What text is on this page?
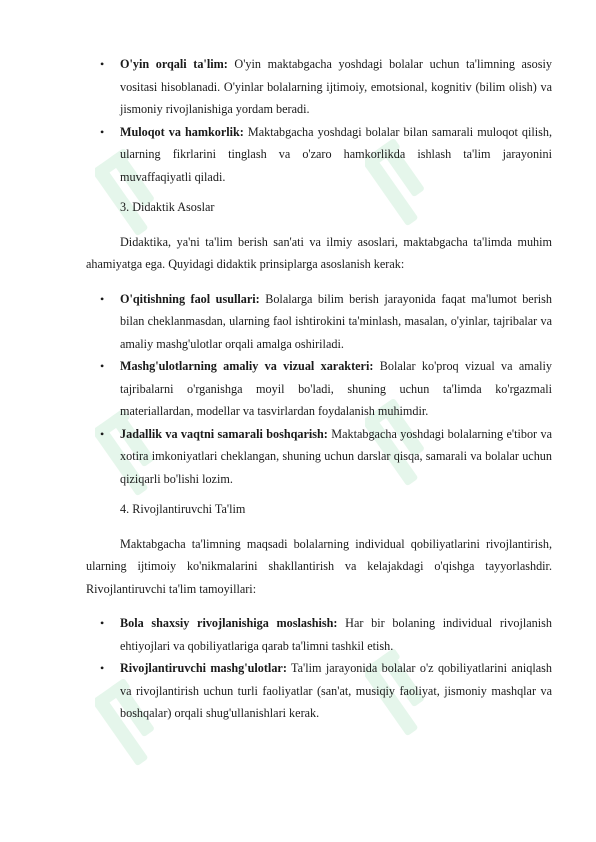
• O'yin orqali ta'lim: O'yin maktabgacha yoshdagi bolalar uchun ta'limning asosiy vositasi hisoblanadi. O'yinlar bolalarning ijtimoiy, emotsional, kognitiv (bilim olish) va jismoniy rivojlanishiga yordam beradi.
• Muloqot va hamkorlik: Maktabgacha yoshdagi bolalar bilan samarali muloqot qilish, ularning fikrlarini tinglash va o'zaro hamkorlikda ishlash ta'lim jarayonini muvaffaqiyatli qiladi.

3. Didaktik Asoslar

Didaktika, ya'ni ta'lim berish san'ati va ilmiy asoslari, maktabgacha ta'limda muhim ahamiyatga ega. Quyidagi didaktik prinsiplarga asoslanish kerak:

• O'qitishning faol usullari: Bolalarga bilim berish jarayonida faqat ma'lumot berish bilan cheklanmasdan, ularning faol ishtirokini ta'minlash, masalan, o'yinlar, tajribalar va amaliy mashg'ulotlar orqali amalga oshiriladi.
• Mashg'ulotlarning amaliy va vizual xarakteri: Bolalar ko'proq vizual va amaliy tajribalarni o'rganishga moyil bo'ladi, shuning uchun ta'limda ko'rgazmali materiallardan, modellar va tasvirlardan foydalanish muhimdir.
• Jadallik va vaqtni samarali boshqarish: Maktabgacha yoshdagi bolalarning e'tibor va xotira imkoniyatlari cheklangan, shuning uchun darslar qisqa, samarali va bolalar uchun qiziqarli bo'lishi lozim.

4. Rivojlantiruvchi Ta'lim

Maktabgacha ta'limning maqsadi bolalarning individual qobiliyatlarini rivojlantirish, ularning ijtimoiy ko'nikmalarini shakllantirish va kelajakdagi o'qishga tayyorlashdir. Rivojlantiruvchi ta'lim tamoyillari:

• Bola shaxsiy rivojlanishiga moslashish: Har bir bolaning individual rivojlanish ehtiyojlari va qobiliyatlariga qarab ta'limni tashkil etish.
• Rivojlantiruvchi mashg'ulotlar: Ta'lim jarayonida bolalar o'z qobiliyatlarini aniqlash va rivojlantirish uchun turli faoliyatlar (san'at, musiqiy faoliyat, jismoniy mashqlar va boshqalar) orqali shug'ullanishlari kerak.
